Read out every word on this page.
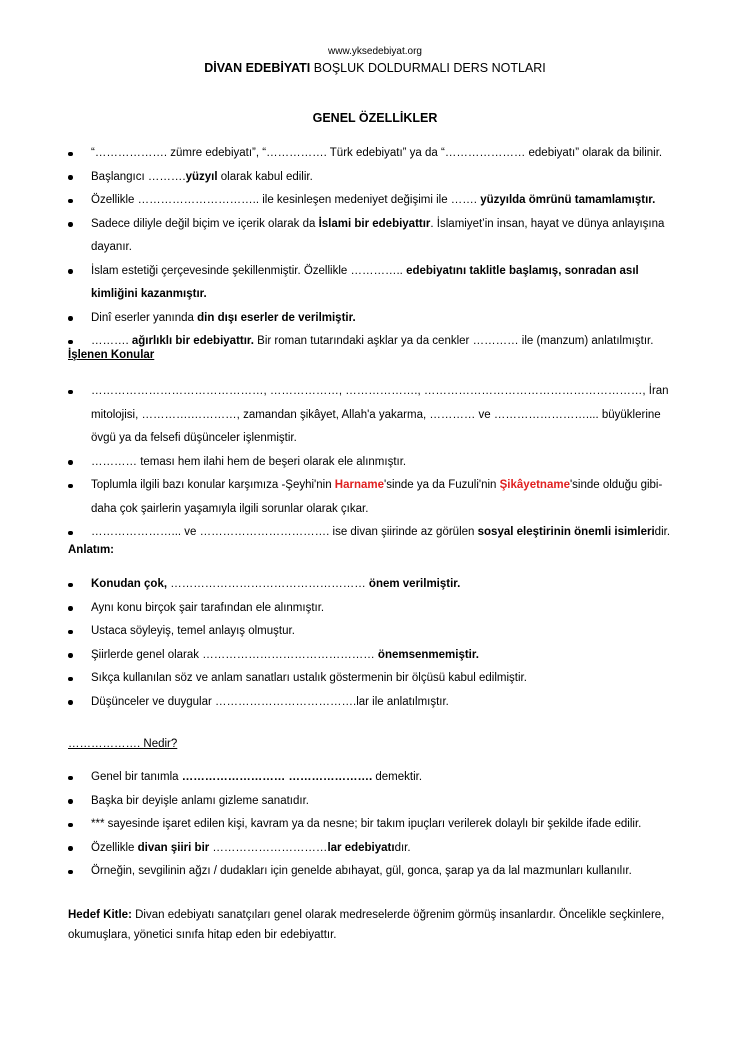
www.yksedebiyat.org
DİVAN EDEBİYATI BOŞLUK DOLDURMALI DERS NOTLARI
GENEL ÖZELLİKLER
“………………. zümre edebiyatı”, “……………. Türk edebiyatı” ya da “………………… edebiyatı” olarak da bilinir.
Başlangıcı ……….yüzyıl olarak kabul edilir.
Özellikle ………………………….. ile kesinleşen medeniyet değişimi ile ……. yüzyılda ömrünü tamamlamıştır.
Sadece diliyle değil biçim ve içerik olarak da İslami bir edebiyattır. İslamiyet’in insan, hayat ve dünya anlayışına dayanır.
İslam estetiği çerçevesinde şekillenmiştir. Özellikle ………….. edebiyatını taklitle başlamış, sonradan asıl kimliğini kazanmıştır.
Dinî eserler yanında din dışı eserler de verilmiştir.
………. ağırlıklı bir edebiyattır. Bir roman tutarındaki aşklar ya da cenkler ………… ile (manzum) anlatılmıştır.
İşlenen Konular
………………………………………, ………………, ………………., …………………………………………………, İran mitolojisi, ………….…………, zamandan şikâyet, Allah'a yakarma, ………… ve …………………….... büyüklerine övgü ya da felsefi düşünceler işlenmiştir.
………… teması hem ilahi hem de beşeri olarak ele alınmıştır.
Toplumla ilgili bazı konular karşımıza -Şeyhi'nin Harname'sinde ya da Fuzuli'nin Şikâyetname'sinde olduğu gibi- daha çok şairlerin yaşamıyla ilgili sorunlar olarak çıkar.
…………………... ve ……………………………. ise divan şiirinde az görülen sosyal eleştirinin önemli isimleridir.
Anlatım:
Konudan çok, …………………………………………… önem verilmiştir.
Aynı konu birçok şair tarafından ele alınmıştır.
Ustaca söyleyiş, temel anlayış olmuştur.
Şiirlerde genel olarak ……………………………………… önemsenmemiştir.
Sıkça kullanılan söz ve anlam sanatları ustalık göstermenin bir ölçüsü kabul edilmiştir.
Düşünceler ve duygular ……………………………….lar ile anlatılmıştır.
………………. Nedir?
Genel bir tanımla ……………………… …………………. demektir.
Başka bir deyişle anlamı gizleme sanatıdır.
*** sayesinde işaret edilen kişi, kavram ya da nesne; bir takım ipuçları verilerek dolaylı bir şekilde ifade edilir.
Özellikle divan şiiri bir …………………………lar edebiyatıdır.
Örneğin, sevgilinin ağzı / dudakları için genelde abıhayat, gül, gonca, şarap ya da lal mazmunları kullanılır.
Hedef Kitle: Divan edebiyatı sanatçıları genel olarak medreselerde öğrenim görmüş insanlardır. Öncelikle seçkinlere, okumuşlara, yönetici sınıfa hitap eden bir edebiyattır.
